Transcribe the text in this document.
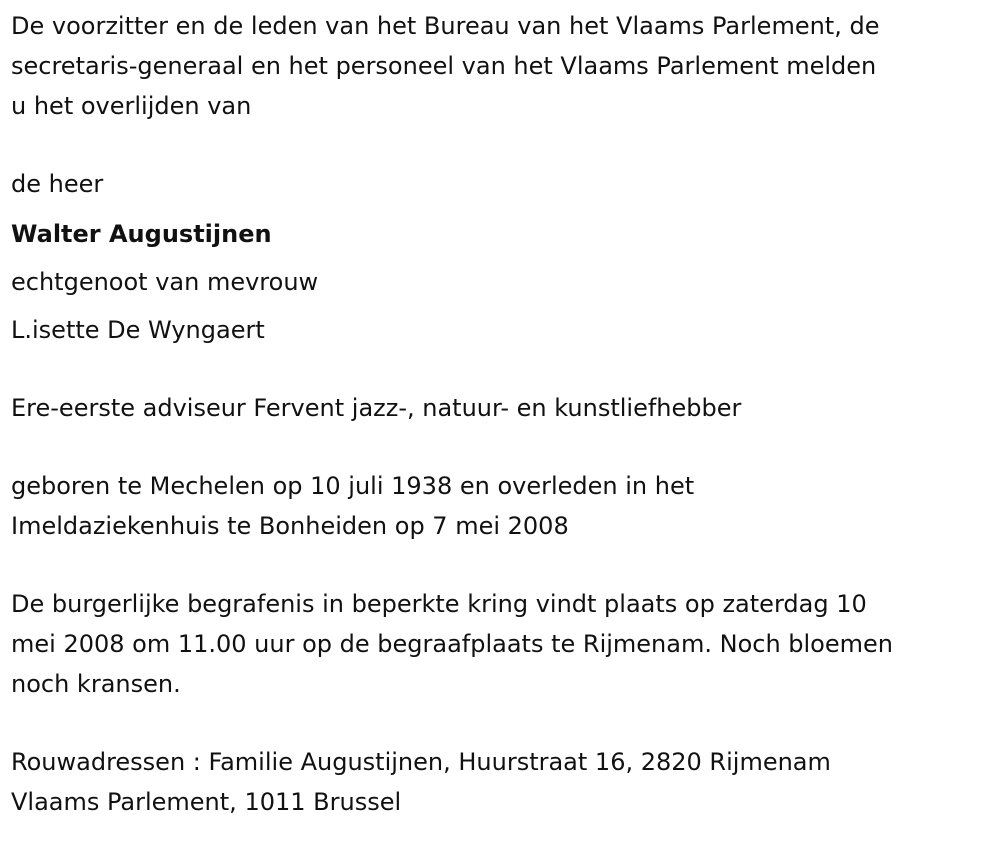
De voorzitter en de leden van het Bureau van het Vlaams Parlement, de
secretaris-generaal en het personeel van het Vlaams Parlement melden
u het overlijden van

de heer

Walter Augustijnen

echtgenoot van mevrouw

L.isette De Wyngaert

Ere-eerste adviseur Fervent jazz-, natuur- en kunstliefhebber

geboren te Mechelen op 10 juli 1938 en overleden in het
Imeldaziekenhuis te Bonheiden op 7 mei 2008

De burgerlijke begrafenis in beperkte kring vindt plaats op zaterdag 10
mei 2008 om 11.00 uur op de begraafplaats te Rijmenam. Noch bloemen
noch kransen.

Rouwadressen : Familie Augustijnen, Huurstraat 16, 2820 Rijmenam
Vlaams Parlement, 1011 Brussel
